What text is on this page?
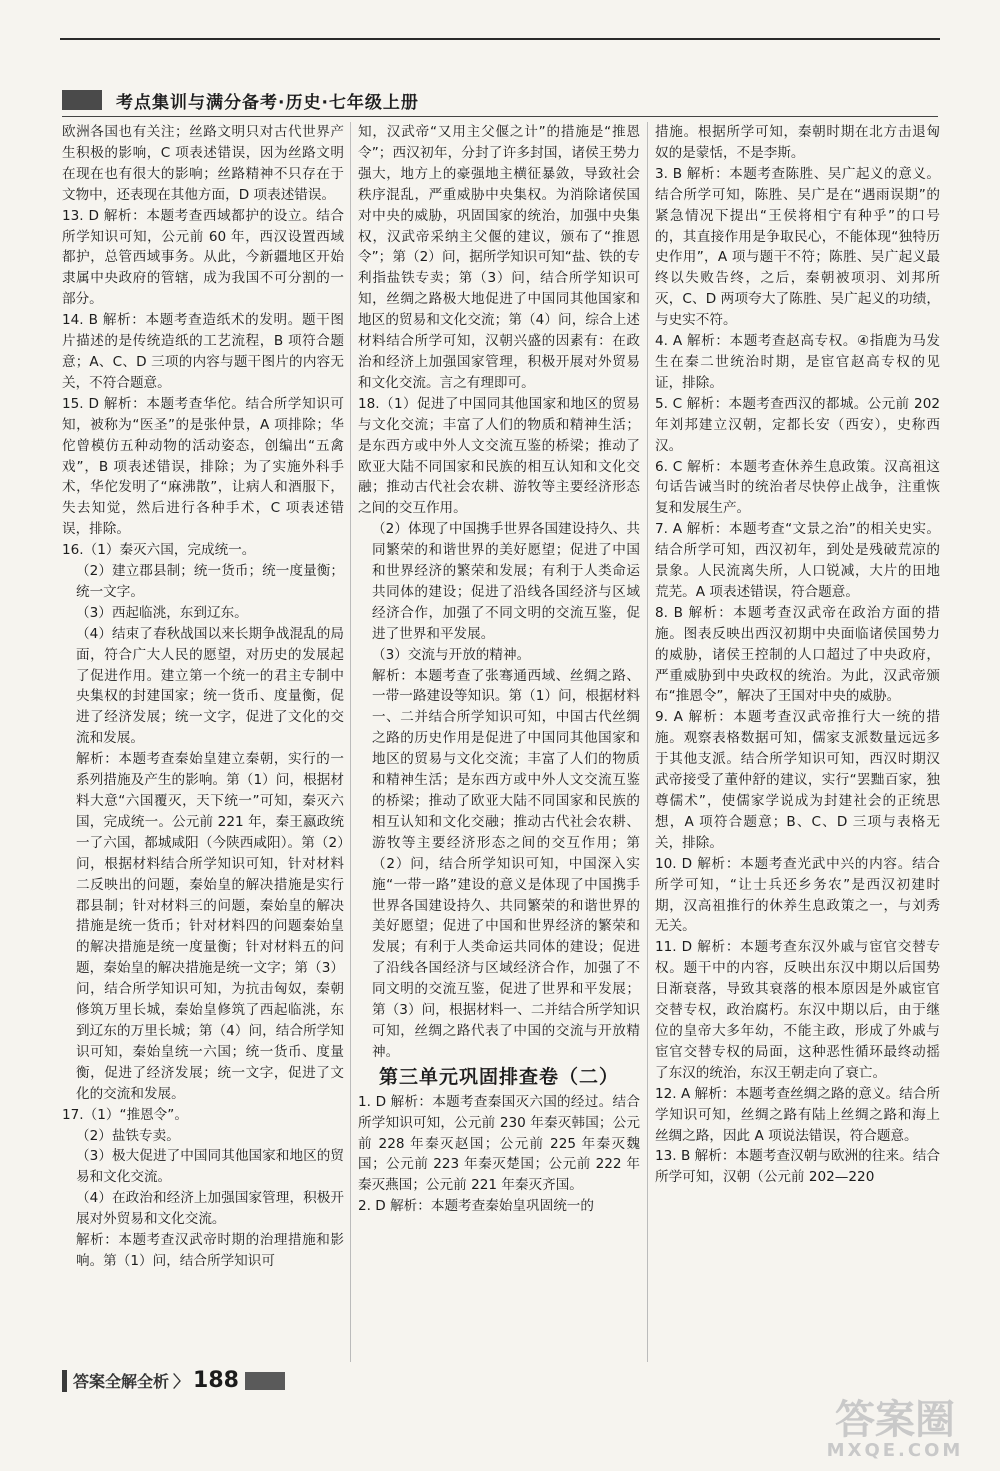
考点集训与满分备考·历史·七年级上册

欧洲各国也有关注；丝路文明只对古代世界产生积极的影响，C 项表述错误，因为丝路文明在现在也有很大的影响；丝路精神不只存在于文物中，还表现在其他方面，D 项表述错误。

13. D 解析：本题考查西域都护的设立。结合所学知识可知，公元前 60 年，西汉设置西域都护，总管西域事务。从此，今新疆地区开始隶属中央政府的管辖，成为我国不可分割的一部分。

14. B 解析：本题考查造纸术的发明。题干图片描述的是传统造纸的工艺流程，B 项符合题意；A、C、D 三项的内容与题干图片的内容无关，不符合题意。

15. D 解析：本题考查华佗。结合所学知识可知，被称为“医圣”的是张仲景，A 项排除；华佗曾模仿五种动物的活动姿态，创编出“五禽戏”，B 项表述错误，排除；为了实施外科手术，华佗发明了“麻沸散”，让病人和酒服下，失去知觉，然后进行各种手术，C 项表述错误，排除。

16.（1）秦灭六国，完成统一。

（2）建立郡县制；统一货币；统一度量衡；统一文字。

（3）西起临洮，东到辽东。

（4）结束了春秋战国以来长期争战混乱的局面，符合广大人民的愿望，对历史的发展起了促进作用。建立第一个统一的君主专制中央集权的封建国家；统一货币、度量衡，促进了经济发展；统一文字，促进了文化的交流和发展。

解析：本题考查秦始皇建立秦朝，实行的一系列措施及产生的影响。第（1）问，根据材料大意“六国覆灭，天下统一”可知，秦灭六国，完成统一。公元前 221 年，秦王嬴政统一了六国，都城咸阳（今陕西咸阳）。第（2）问，根据材料结合所学知识可知，针对材料二反映出的问题，秦始皇的解决措施是实行郡县制；针对材料三的问题，秦始皇的解决措施是统一货币；针对材料四的问题秦始皇的解决措施是统一度量衡；针对材料五的问题，秦始皇的解决措施是统一文字；第（3）问，结合所学知识可知，为抗击匈奴，秦朝修筑万里长城，秦始皇修筑了西起临洮，东到辽东的万里长城；第（4）问，结合所学知识可知，秦始皇统一六国；统一货币、度量衡，促进了经济发展；统一文字，促进了文化的交流和发展。

17.（1）“推恩令”。

（2）盐铁专卖。

（3）极大促进了中国同其他国家和地区的贸易和文化交流。

（4）在政治和经济上加强国家管理，积极开展对外贸易和文化交流。

解析：本题考查汉武帝时期的治理措施和影响。第（1）问，结合所学知识可

知，汉武帝“又用主父偃之计”的措施是“推恩令”；西汉初年，分封了许多封国，诸侯王势力强大，地方上的豪强地主横征暴敛，导致社会秩序混乱，严重威胁中央集权。为消除诸侯国对中央的威胁，巩固国家的统治，加强中央集权，汉武帝采纳主父偃的建议，颁布了“推恩令”；第（2）问，据所学知识可知“盐、铁的专利指盐铁专卖；第（3）问，结合所学知识可知，丝绸之路极大地促进了中国同其他国家和地区的贸易和文化交流；第（4）问，综合上述材料结合所学可知，汉朝兴盛的因素有：在政治和经济上加强国家管理，积极开展对外贸易和文化交流。言之有理即可。

18.（1）促进了中国同其他国家和地区的贸易与文化交流；丰富了人们的物质和精神生活；是东西方或中外人文交流互鉴的桥梁；推动了欧亚大陆不同国家和民族的相互认知和文化交融；推动古代社会农耕、游牧等主要经济形态之间的交互作用。

（2）体现了中国携手世界各国建设持久、共同繁荣的和谐世界的美好愿望；促进了中国和世界经济的繁荣和发展；有利于人类命运共同体的建设；促进了沿线各国经济与区域经济合作，加强了不同文明的交流互鉴，促进了世界和平发展。

（3）交流与开放的精神。

解析：本题考查了张骞通西域、丝绸之路、一带一路建设等知识。第（1）问，根据材料一、二并结合所学知识可知，中国古代丝绸之路的历史作用是促进了中国同其他国家和地区的贸易与文化交流；丰富了人们的物质和精神生活；是东西方或中外人文交流互鉴的桥梁；推动了欧亚大陆不同国家和民族的相互认知和文化交融；推动古代社会农耕、游牧等主要经济形态之间的交互作用；第（2）问，结合所学知识可知，中国深入实施“一带一路”建设的意义是体现了中国携手世界各国建设持久、共同繁荣的和谐世界的美好愿望；促进了中国和世界经济的繁荣和发展；有利于人类命运共同体的建设；促进了沿线各国经济与区域经济合作，加强了不同文明的交流互鉴，促进了世界和平发展；第（3）问，根据材料一、二并结合所学知识可知，丝绸之路代表了中国的交流与开放精神。

第三单元巩固排查卷（二）

1. D 解析：本题考查秦国灭六国的经过。结合所学知识可知，公元前 230 年秦灭韩国；公元前 228 年秦灭赵国；公元前 225 年秦灭魏国；公元前 223 年秦灭楚国；公元前 222 年秦灭燕国；公元前 221 年秦灭齐国。

2. D 解析：本题考查秦始皇巩固统一的

措施。根据所学可知，秦朝时期在北方击退匈奴的是蒙恬，不是李斯。

3. B 解析：本题考查陈胜、吴广起义的意义。结合所学可知，陈胜、吴广是在“遇雨误期”的紧急情况下提出“王侯将相宁有种乎”的口号的，其直接作用是争取民心，不能体现“独特历史作用”，A 项与题干不符；陈胜、吴广起义最终以失败告终，之后，秦朝被项羽、刘邦所灭，C、D 两项夸大了陈胜、吴广起义的功绩，与史实不符。

4. A 解析：本题考查赵高专权。④指鹿为马发生在秦二世统治时期，是宦官赵高专权的见证，排除。

5. C 解析：本题考查西汉的都城。公元前 202 年刘邦建立汉朝，定都长安（西安），史称西汉。

6. C 解析：本题考查休养生息政策。汉高祖这句话告诫当时的统治者尽快停止战争，注重恢复和发展生产。

7. A 解析：本题考查“文景之治”的相关史实。结合所学可知，西汉初年，到处是残破荒凉的景象。人民流离失所，人口锐减，大片的田地荒芜。A 项表述错误，符合题意。

8. B 解析：本题考查汉武帝在政治方面的措施。图表反映出西汉初期中央面临诸侯国势力的威胁，诸侯王控制的人口超过了中央政府，严重威胁到中央政权的统治。为此，汉武帝颁布“推恩令”，解决了王国对中央的威胁。

9. A 解析：本题考查汉武帝推行大一统的措施。观察表格数据可知，儒家支派数量远远多于其他支派。结合所学知识可知，西汉时期汉武帝接受了董仲舒的建议，实行“罢黜百家，独尊儒术”，使儒家学说成为封建社会的正统思想，A 项符合题意；B、C、D 三项与表格无关，排除。

10. D 解析：本题考查光武中兴的内容。结合所学可知，“让士兵还乡务农”是西汉初建时期，汉高祖推行的休养生息政策之一，与刘秀无关。

11. D 解析：本题考查东汉外戚与宦官交替专权。题干中的内容，反映出东汉中期以后国势日渐衰落，导致其衰落的根本原因是外戚宦官交替专权，政治腐朽。东汉中期以后，由于继位的皇帝大多年幼，不能主政，形成了外戚与宦官交替专权的局面，这种恶性循环最终动摇了东汉的统治，东汉王朝走向了衰亡。

12. A 解析：本题考查丝绸之路的意义。结合所学知识可知，丝绸之路有陆上丝绸之路和海上丝绸之路，因此 A 项说法错误，符合题意。

13. B 解析：本题考查汉朝与欧洲的往来。结合所学可知，汉朝（公元前 202—220

答案全解全析 〉 188
答案圈
MXQE.COM
